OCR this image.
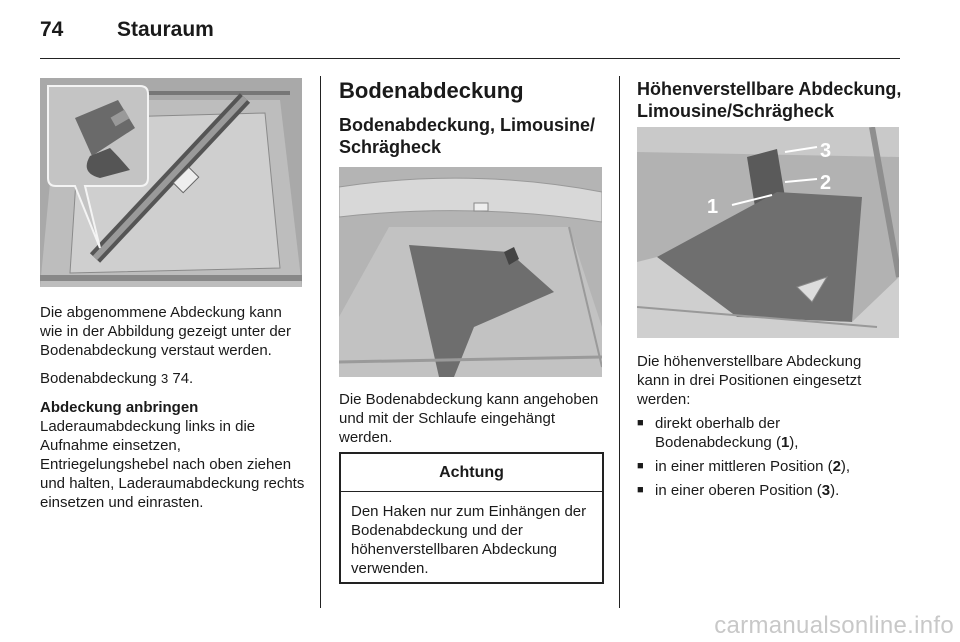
74	Stauraum

Die abgenommene Abdeckung kann wie in der Abbildung gezeigt unter der Bodenabdeckung verstaut werden.

Bodenabdeckung 3 74.

Abdeckung anbringen

Laderaumabdeckung links in die Aufnahme einsetzen, Entriegelungshebel nach oben ziehen und halten, Laderaumabdeckung rechts einsetzen und einrasten.

Bodenabdeckung
Bodenabdeckung, Limousine/ Schrägheck

Die Bodenabdeckung kann angehoben und mit der Schlaufe eingehängt werden.

Achtung
Den Haken nur zum Einhängen der Bodenabdeckung und der höhenverstellbaren Abdeckung verwenden.
Höhenverstellbare Abdeckung, Limousine/Schrägheck
1
2
3

Die höhenverstellbare Abdeckung kann in drei Positionen eingesetzt werden:

■ direkt oberhalb der Bodenabdeckung (1),
■ in einer mittleren Position (2),
■ in einer oberen Position (3).
carmanualsonline.info
